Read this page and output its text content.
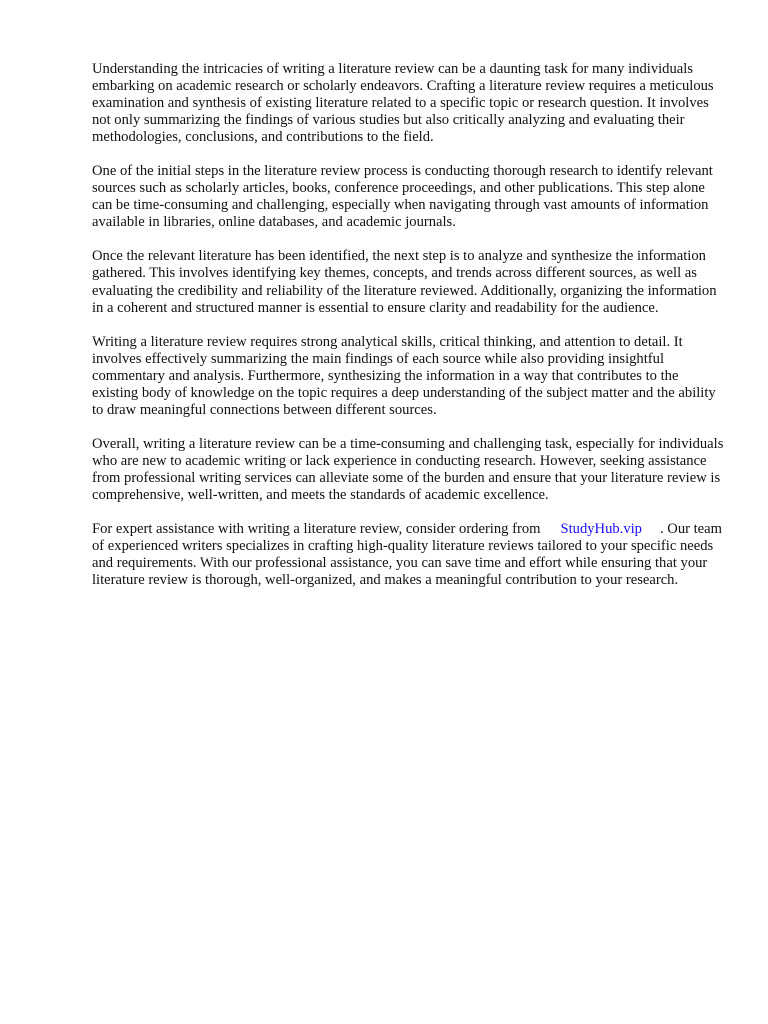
Understanding the intricacies of writing a literature review can be a daunting task for many individuals embarking on academic research or scholarly endeavors. Crafting a literature review requires a meticulous examination and synthesis of existing literature related to a specific topic or research question. It involves not only summarizing the findings of various studies but also critically analyzing and evaluating their methodologies, conclusions, and contributions to the field.

One of the initial steps in the literature review process is conducting thorough research to identify relevant sources such as scholarly articles, books, conference proceedings, and other publications. This step alone can be time-consuming and challenging, especially when navigating through vast amounts of information available in libraries, online databases, and academic journals.

Once the relevant literature has been identified, the next step is to analyze and synthesize the information gathered. This involves identifying key themes, concepts, and trends across different sources, as well as evaluating the credibility and reliability of the literature reviewed. Additionally, organizing the information in a coherent and structured manner is essential to ensure clarity and readability for the audience.

Writing a literature review requires strong analytical skills, critical thinking, and attention to detail. It involves effectively summarizing the main findings of each source while also providing insightful commentary and analysis. Furthermore, synthesizing the information in a way that contributes to the existing body of knowledge on the topic requires a deep understanding of the subject matter and the ability to draw meaningful connections between different sources.

Overall, writing a literature review can be a time-consuming and challenging task, especially for individuals who are new to academic writing or lack experience in conducting research. However, seeking assistance from professional writing services can alleviate some of the burden and ensure that your literature review is comprehensive, well-written, and meets the standards of academic excellence.

For expert assistance with writing a literature review, consider ordering from StudyHub.vip . Our team of experienced writers specializes in crafting high-quality literature reviews tailored to your specific needs and requirements. With our professional assistance, you can save time and effort while ensuring that your literature review is thorough, well-organized, and makes a meaningful contribution to your research.
